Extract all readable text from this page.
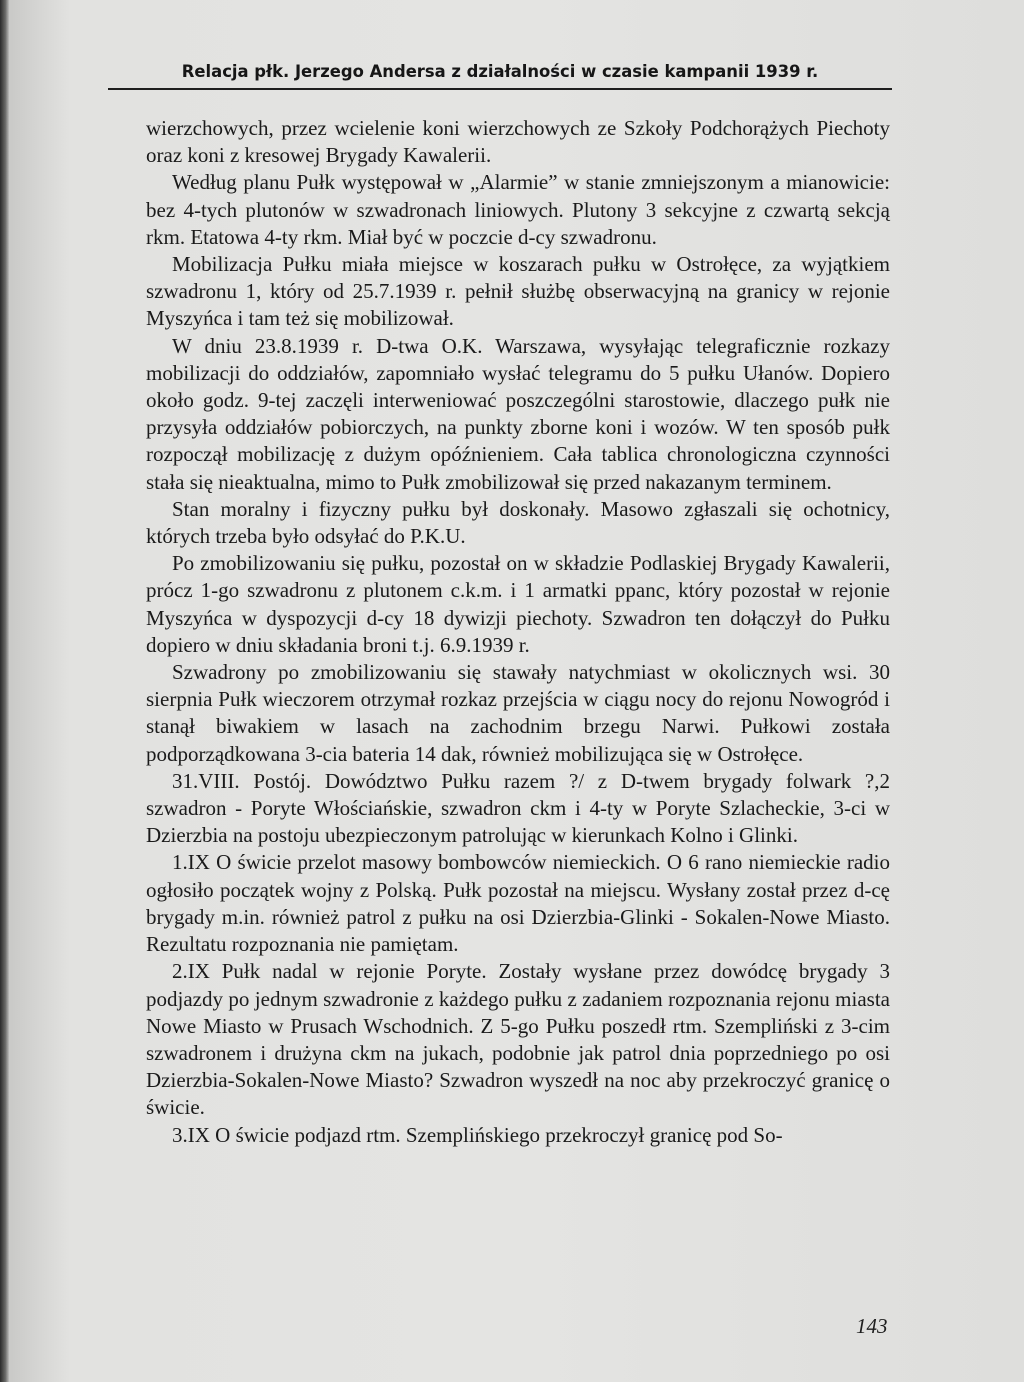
Relacja płk. Jerzego Andersa z działalności w czasie kampanii 1939 r.

wierzchowych, przez wcielenie koni wierzchowych ze Szkoły Podchorążych Piechoty oraz koni z kresowej Brygady Kawalerii.

Według planu Pułk występował w „Alarmie” w stanie zmniejszonym a mianowicie: bez 4-tych plutonów w szwadronach liniowych. Plutony 3 sekcyjne z czwartą sekcją rkm. Etatowa 4-ty rkm. Miał być w poczcie d-cy szwadronu.

Mobilizacja Pułku miała miejsce w koszarach pułku w Ostrołęce, za wyjątkiem szwadronu 1, który od 25.7.1939 r. pełnił służbę obserwacyjną na granicy w rejonie Myszyńca i tam też się mobilizował.

W dniu 23.8.1939 r. D-twa O.K. Warszawa, wysyłając telegraficznie rozkazy mobilizacji do oddziałów, zapomniało wysłać telegramu do 5 pułku Ułanów. Dopiero około godz. 9-tej zaczęli interweniować poszczególni starostowie, dlaczego pułk nie przysyła oddziałów pobiorczych, na punkty zborne koni i wozów. W ten sposób pułk rozpoczął mobilizację z dużym opóźnieniem. Cała tablica chronologiczna czynności stała się nieaktualna, mimo to Pułk zmobilizował się przed nakazanym terminem.

Stan moralny i fizyczny pułku był doskonały. Masowo zgłaszali się ochotnicy, których trzeba było odsyłać do P.K.U.

Po zmobilizowaniu się pułku, pozostał on w składzie Podlaskiej Brygady Kawalerii, prócz 1-go szwadronu z plutonem c.k.m. i 1 armatki ppanc, który pozostał w rejonie Myszyńca w dyspozycji d-cy 18 dywizji piechoty. Szwadron ten dołączył do Pułku dopiero w dniu składania broni t.j. 6.9.1939 r.

Szwadrony po zmobilizowaniu się stawały natychmiast w okolicznych wsi. 30 sierpnia Pułk wieczorem otrzymał rozkaz przejścia w ciągu nocy do rejonu Nowogród i stanął biwakiem w lasach na zachodnim brzegu Narwi. Pułkowi została podporządkowana 3-cia bateria 14 dak, również mobilizująca się w Ostrołęce.

31.VIII. Postój. Dowództwo Pułku razem ?/ z D-twem brygady folwark ?,2 szwadron - Poryte Włościańskie, szwadron ckm i 4-ty w Poryte Szlacheckie, 3-ci w Dzierzbia na postoju ubezpieczonym patrolując w kierunkach Kolno i Glinki.

1.IX O świcie przelot masowy bombowców niemieckich. O 6 rano niemieckie radio ogłosiło początek wojny z Polską. Pułk pozostał na miejscu. Wysłany został przez d-cę brygady m.in. również patrol z pułku na osi Dzierzbia-Glinki - Sokalen-Nowe Miasto. Rezultatu rozpoznania nie pamiętam.

2.IX Pułk nadal w rejonie Poryte. Zostały wysłane przez dowódcę brygady 3 podjazdy po jednym szwadronie z każdego pułku z zadaniem rozpoznania rejonu miasta Nowe Miasto w Prusach Wschodnich. Z 5-go Pułku poszedł rtm. Szempliński z 3-cim szwadronem i drużyna ckm na jukach, podobnie jak patrol dnia poprzedniego po osi Dzierzbia-Sokalen-Nowe Miasto? Szwadron wyszedł na noc aby przekroczyć granicę o świcie.

3.IX O świcie podjazd rtm. Szemplińskiego przekroczył granicę pod So-

143
